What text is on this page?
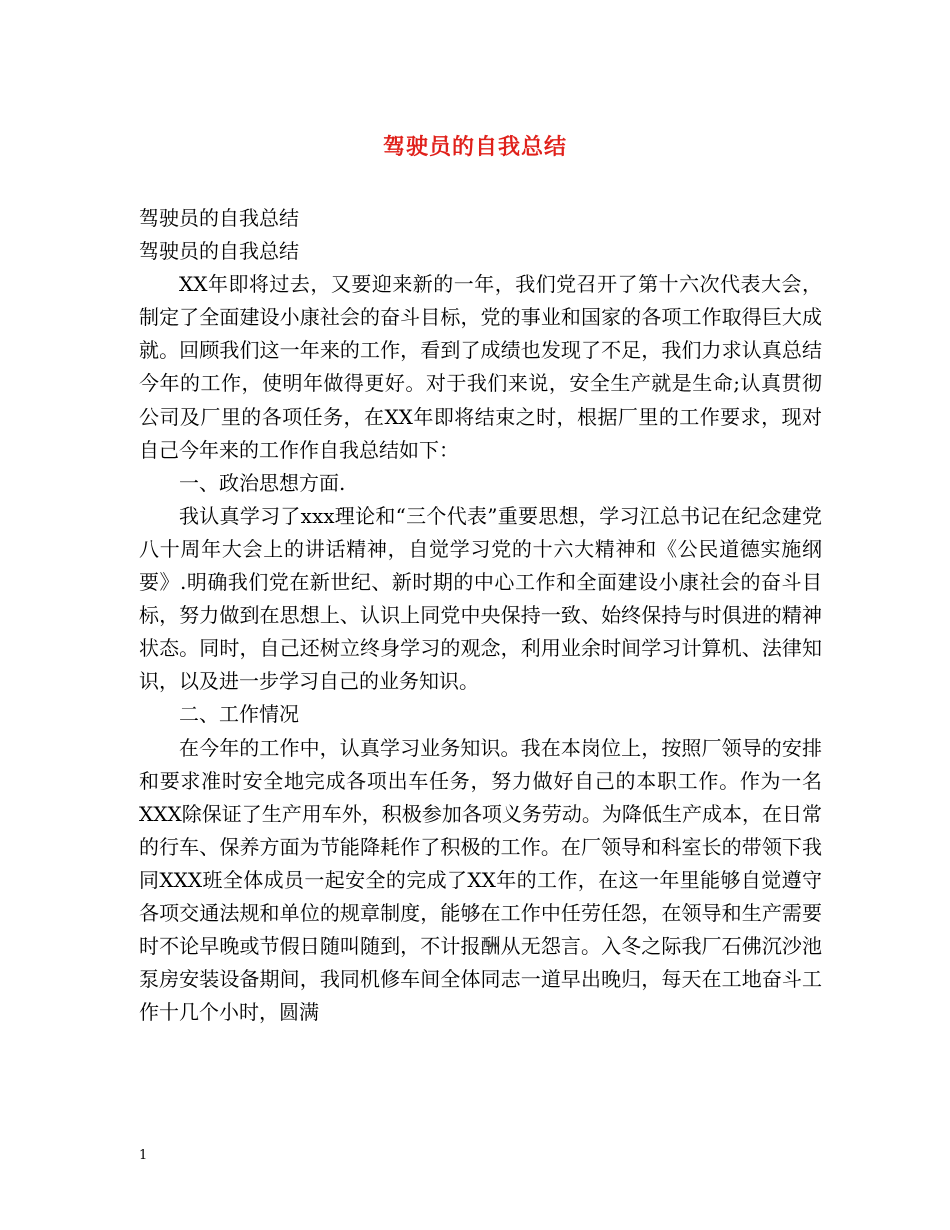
驾驶员的自我总结

驾驶员的自我总结

驾驶员的自我总结

XX年即将过去，又要迎来新的一年，我们党召开了第十六次代表大会，制定了全面建设小康社会的奋斗目标，党的事业和国家的各项工作取得巨大成就。回顾我们这一年来的工作，看到了成绩也发现了不足，我们力求认真总结今年的工作，使明年做得更好。对于我们来说，安全生产就是生命;认真贯彻公司及厂里的各项任务，在XX年即将结束之时，根据厂里的工作要求，现对自己今年来的工作作自我总结如下：

一、政治思想方面.

我认真学习了xxx理论和“三个代表”重要思想，学习江总书记在纪念建党八十周年大会上的讲话精神，自觉学习党的十六大精神和《公民道德实施纲要》.明确我们党在新世纪、新时期的中心工作和全面建设小康社会的奋斗目标，努力做到在思想上、认识上同党中央保持一致、始终保持与时俱进的精神状态。同时，自己还树立终身学习的观念，利用业余时间学习计算机、法律知识，以及进一步学习自己的业务知识。

二、工作情况

在今年的工作中，认真学习业务知识。我在本岗位上，按照厂领导的安排和要求准时安全地完成各项出车任务，努力做好自己的本职工作。作为一名XXX除保证了生产用车外，积极参加各项义务劳动。为降低生产成本，在日常的行车、保养方面为节能降耗作了积极的工作。在厂领导和科室长的带领下我同XXX班全体成员一起安全的完成了XX年的工作，在这一年里能够自觉遵守各项交通法规和单位的规章制度，能够在工作中任劳任怨，在领导和生产需要时不论早晚或节假日随叫随到，不计报酬从无怨言。入冬之际我厂石佛沉沙池泵房安装设备期间，我同机修车间全体同志一道早出晚归，每天在工地奋斗工作十几个小时，圆满

1
